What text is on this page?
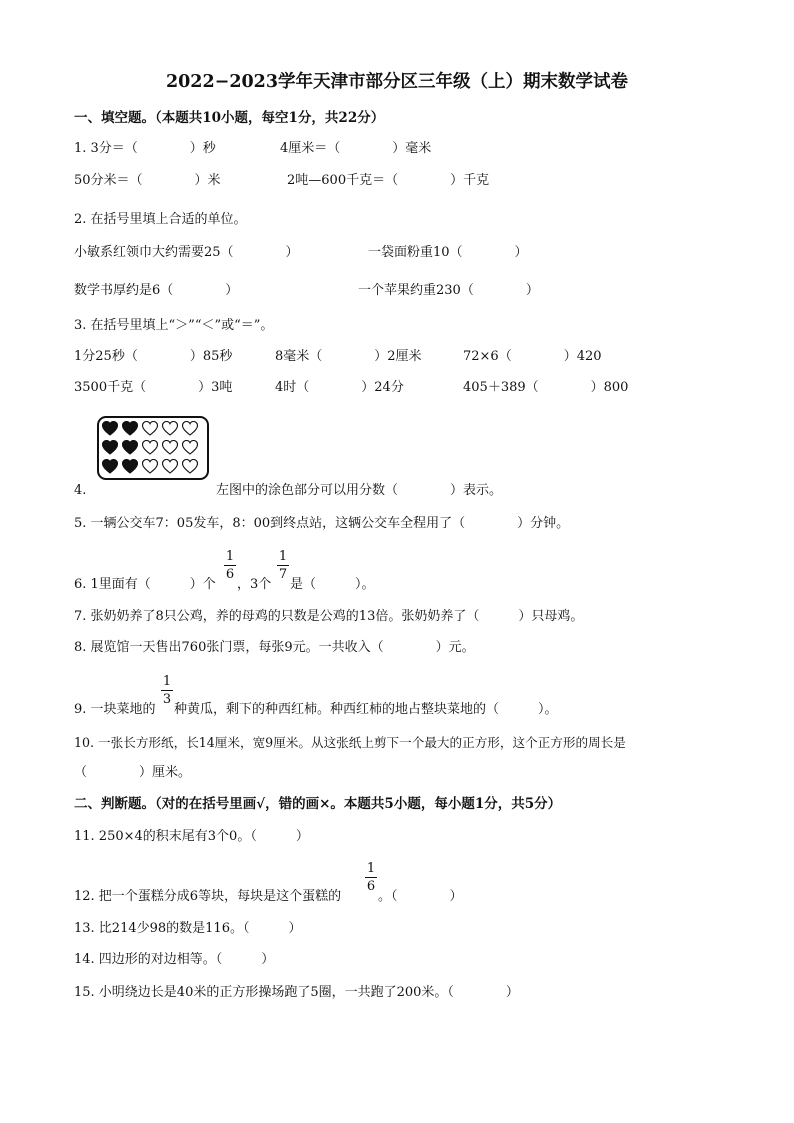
2022−2023学年天津市部分区三年级（上）期末数学试卷
一、填空题。（本题共10小题，每空1分，共22分）
1. 3分＝（　　　　）秒	4厘米＝（　　　　）毫米
50分米＝（　　　　）米	2吨—600千克＝（　　　　）千克
2. 在括号里填上合适的单位。
小敏系红领巾大约需要25（　　　　）	一袋面粉重10（　　　　）
数学书厚约是6（　　　　）	一个苹果约重230（　　　　）
3. 在括号里填上“＞”“＜”或“＝”。
1分25秒（　　　　）85秒	8毫米（　　　　）2厘米	72×6（　　　　）420
3500千克（　　　　）3吨	4时（　　　　）24分	405＋389（　　　　）800
4.	左图中的涂色部分可以用分数（　　　　）表示。
5. 一辆公交车7：05发车，8：00到终点站，这辆公交车全程用了（　　　　）分钟。
6. 1里面有（　　　）个
1
6
，3个
1
7
是（　　　）。
7. 张奶奶养了8只公鸡，养的母鸡的只数是公鸡的13倍。张奶奶养了（　　　）只母鸡。
8. 展览馆一天售出760张门票，每张9元。一共收入（　　　　）元。
9. 一块菜地的
1
3
种黄瓜，剩下的种西红柿。种西红柿的地占整块菜地的（　　　）。
10. 一张长方形纸，长14厘米，宽9厘米。从这张纸上剪下一个最大的正方形，这个正方形的周长是
（　　　　）厘米。
二、判断题。（对的在括号里画√，错的画×。本题共5小题，每小题1分，共5分）
11. 250×4的积末尾有3个0。（　　　）
12. 把一个蛋糕分成6等块，每块是这个蛋糕的
1
6
。（　　　　）
13. 比214少98的数是116。（　　　）
14. 四边形的对边相等。（　　　）
15. 小明绕边长是40米的正方形操场跑了5圈，一共跑了200米。（　　　　）
